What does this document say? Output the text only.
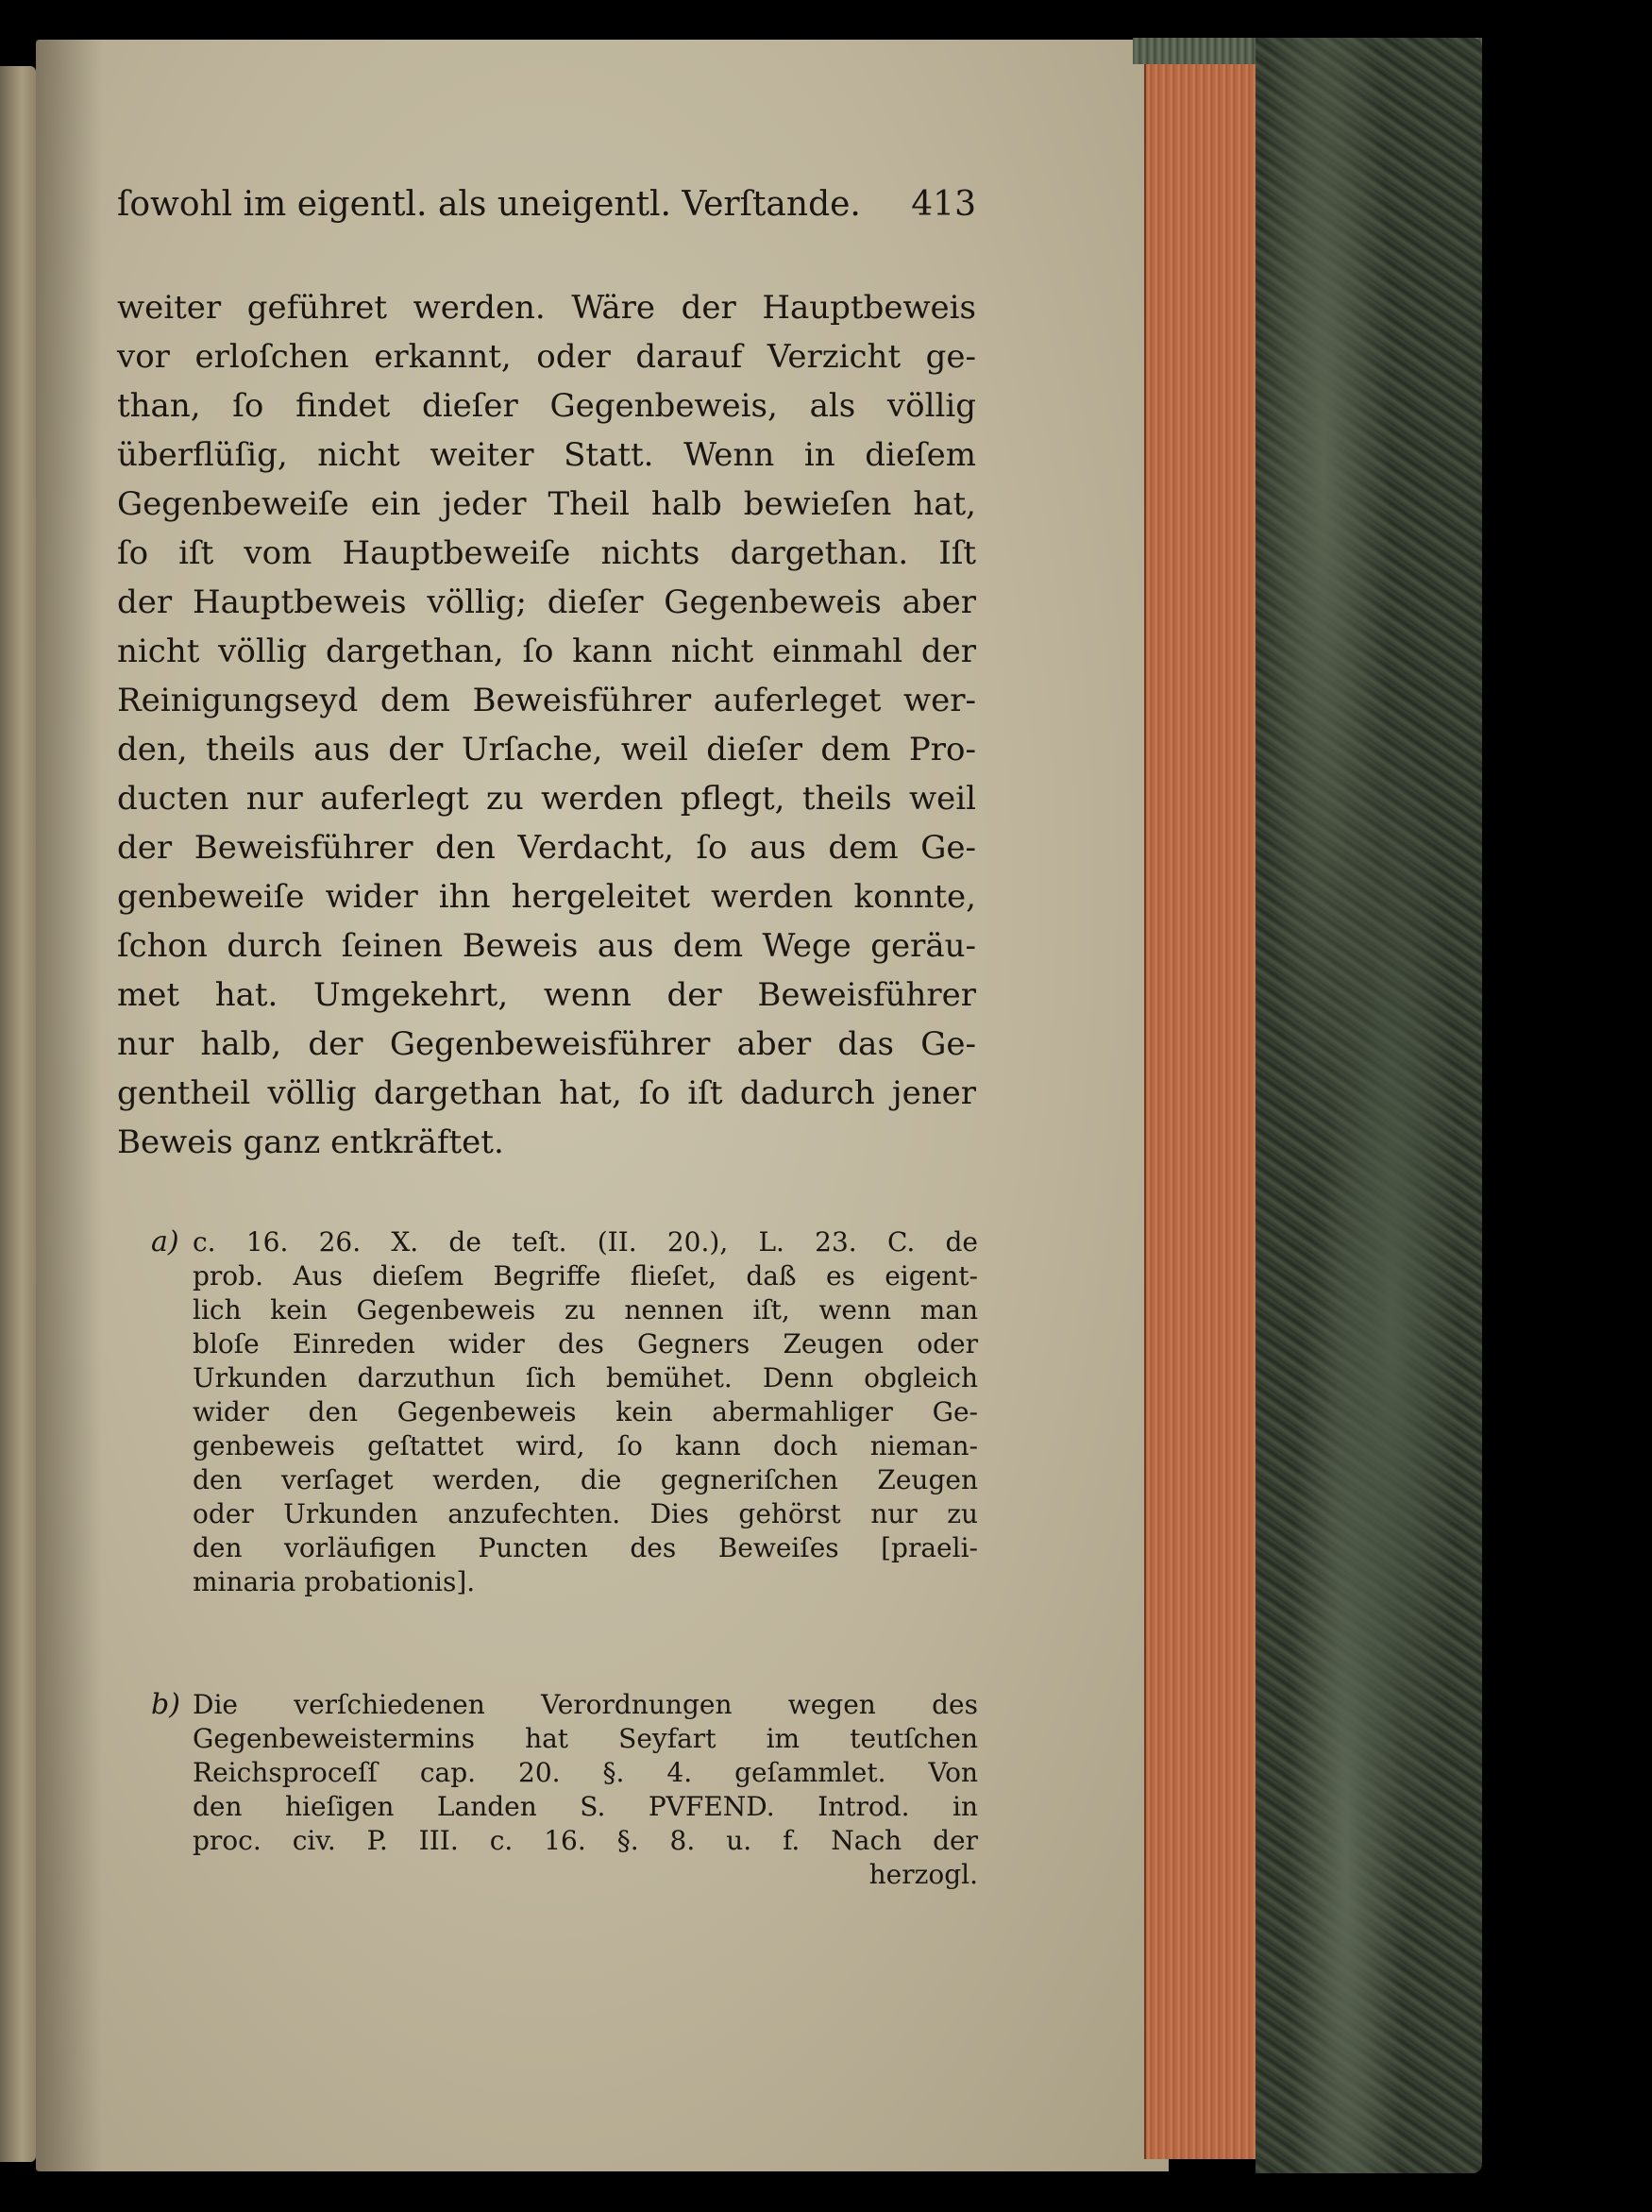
ſowohl im eigentl. als uneigentl. Verſtande. 413
weiter geführet werden. Wäre der Hauptbeweis
vor erloſchen erkannt, oder darauf Verzicht ge-
than, ſo findet dieſer Gegenbeweis, als völlig
überflüſig, nicht weiter Statt. Wenn in dieſem
Gegenbeweiſe ein jeder Theil halb bewieſen hat,
ſo iſt vom Hauptbeweiſe nichts dargethan. Iſt
der Hauptbeweis völlig; dieſer Gegenbeweis aber
nicht völlig dargethan, ſo kann nicht einmahl der
Reinigungseyd dem Beweisführer auferleget wer-
den, theils aus der Urſache, weil dieſer dem Pro-
ducten nur auferlegt zu werden pflegt, theils weil
der Beweisführer den Verdacht, ſo aus dem Ge-
genbeweiſe wider ihn hergeleitet werden konnte,
ſchon durch ſeinen Beweis aus dem Wege geräu-
met hat. Umgekehrt, wenn der Beweisführer
nur halb, der Gegenbeweisführer aber das Ge-
gentheil völlig dargethan hat, ſo iſt dadurch jener
Beweis ganz entkräftet.
a) c. 16. 26. X. de teſt. (II. 20.), L. 23. C. de
prob. Aus dieſem Begriffe flieſet, daß es eigent-
lich kein Gegenbeweis zu nennen iſt, wenn man
bloſe Einreden wider des Gegners Zeugen oder
Urkunden darzuthun ſich bemühet. Denn obgleich
wider den Gegenbeweis kein abermahliger Ge-
genbeweis geſtattet wird, ſo kann doch nieman-
den verſaget werden, die gegneriſchen Zeugen
oder Urkunden anzufechten. Dies gehörst nur zu
den vorläufigen Puncten des Beweiſes [praeli-
minaria probationis].
b) Die verſchiedenen Verordnungen wegen des
Gegenbeweistermins hat Seyfart im teutſchen
Reichsproceſſ cap. 20. §. 4. geſammlet. Von
den hieſigen Landen S. PVFEND. Introd. in
proc. civ. P. III. c. 16. §. 8. u. f. Nach der
herzogl.
